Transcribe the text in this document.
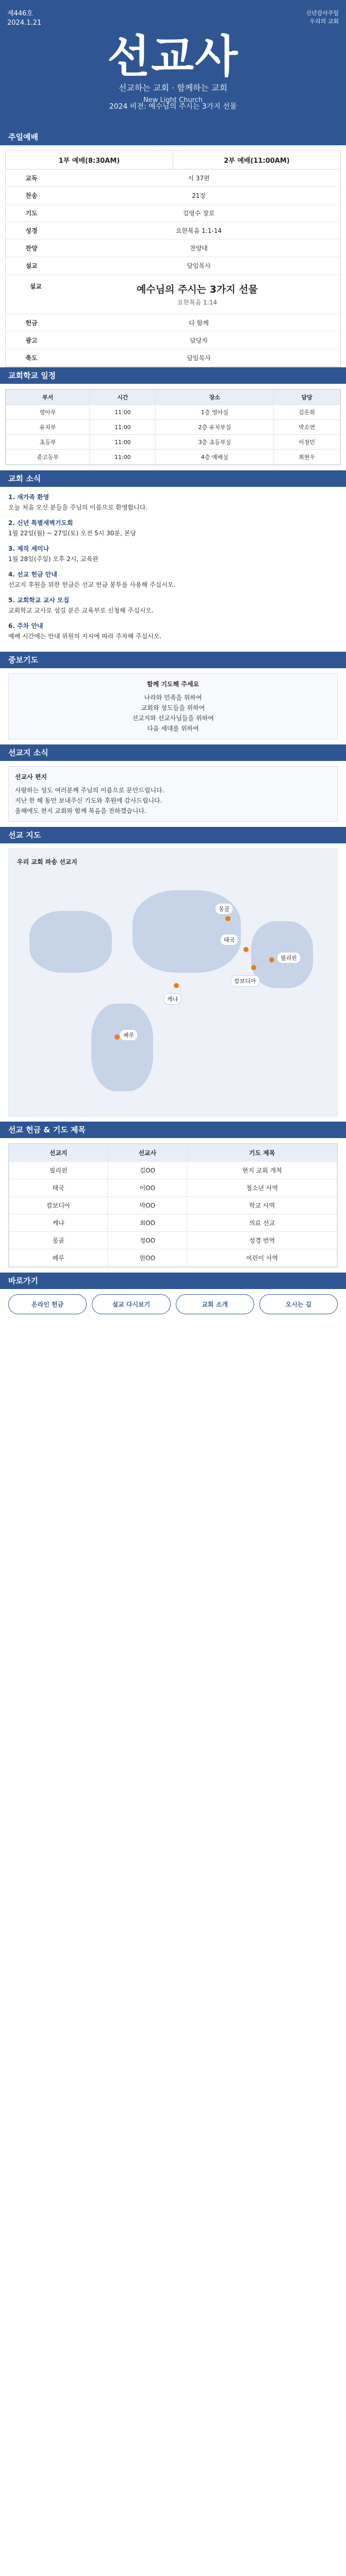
제446호
2024.1.21
신년감사주일
우리의 교회
선교사
선교하는 교회 · 함께하는 교회
New Light Church
2024 비전: 예수님의 주시는 3가지 선물
주일예배
1부 예배(8:30AM)	2부 예배(11:00AM)
교독	시 37편
찬송	21장
기도	김영수 장로
성경	요한복음 1:1-14
찬양	찬양대
설교	담임목사
설교	예수님의 주시는 3가지 선물
요한복음 1:14
헌금	다 함께
광고	담당자
축도	담임목사
교회학교 일정
부서	시간	장소	담당
영아부	11:00	1층 영아실	김은희
유치부	11:00	2층 유치부실	박소연
초등부	11:00	3층 초등부실	이정민
중고등부	11:00	4층 예배실	최현우
교회 소식
1. 새가족 환영
오늘 처음 오신 분들을 주님의 이름으로 환영합니다.
2. 신년 특별새벽기도회
1월 22일(월) ~ 27일(토) 오전 5시 30분, 본당
3. 제직 세미나
1월 28일(주일) 오후 2시, 교육관
4. 선교 헌금 안내
선교지 후원을 위한 헌금은 선교 헌금 봉투를 사용해 주십시오.
5. 교회학교 교사 모집
교회학교 교사로 섬길 분은 교육부로 신청해 주십시오.
6. 주차 안내
예배 시간에는 안내 위원의 지시에 따라 주차해 주십시오.
중보기도
함께 기도해 주세요
나라와 민족을 위하여
교회와 성도들을 위하여
선교지와 선교사님들을 위하여
다음 세대를 위하여
선교지 소식
선교사 편지
사랑하는 성도 여러분께 주님의 이름으로 문안드립니다.
지난 한 해 동안 보내주신 기도와 후원에 감사드립니다.
올해에도 현지 교회와 함께 복음을 전하겠습니다.
선교 지도
필리핀
태국
캄보디아
케냐
몽골
페루
우리 교회 파송 선교지
선교 헌금 & 기도 제목
선교지	선교사	기도 제목
필리핀	김OO	현지 교회 개척
태국	이OO	청소년 사역
캄보디아	박OO	학교 사역
케냐	최OO	의료 선교
몽골	정OO	성경 번역
페루	한OO	어린이 사역
바로가기
온라인 헌금	설교 다시보기	교회 소개	오시는 길
